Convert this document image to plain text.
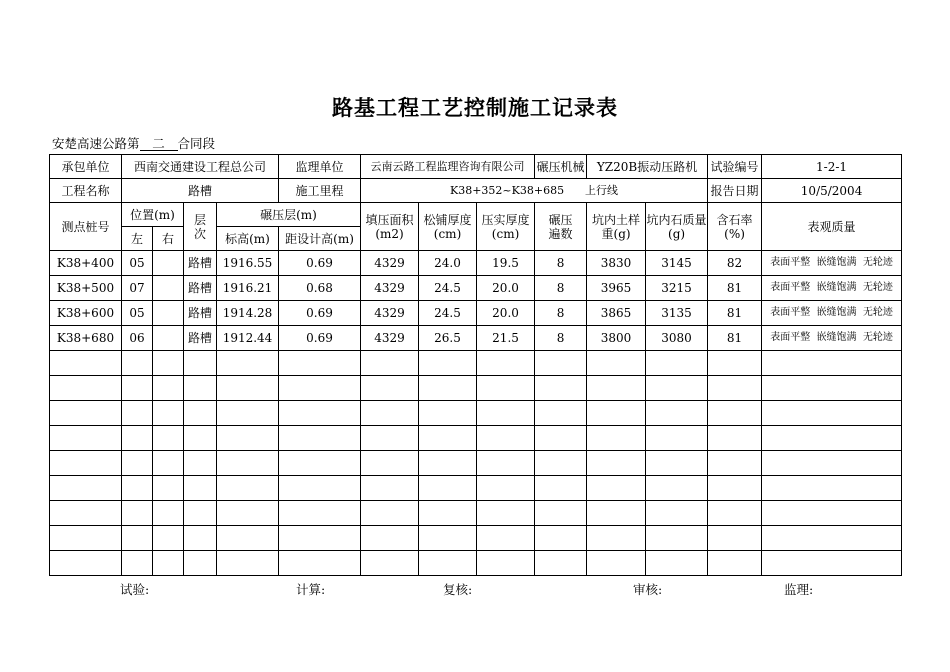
路基工程工艺控制施工记录表
安楚高速公路第 二 合同段
承包单位	西南交通建设工程总公司				监理单位	云南云路工程监理咨询有限公司			碾压机械	YZ20B振动压路机		试验编号	1-2-1
工程名称	路槽				施工里程	K38+352~K38+685      上行线						报告日期	10/5/2004
测点桩号	位置(m)		层次	碾压层(m)		填压面积(m2)	松铺厚度(cm)	压实厚度(cm)	碾压遍数	坑内土样重(g)	坑内石质量(g)	含石率(%)	表观质量
	左	右		标高(m)	距设计高(m)								
K38+400	05		路槽	1916.55	0.69	4329	24.0	19.5	8	3830	3145	82	表面平整  嵌缝饱满  无轮迹
K38+500	07		路槽	1916.21	0.68	4329	24.5	20.0	8	3965	3215	81	表面平整  嵌缝饱满  无轮迹
K38+600	05		路槽	1914.28	0.69	4329	24.5	20.0	8	3865	3135	81	表面平整  嵌缝饱满  无轮迹
K38+680	06		路槽	1912.44	0.69	4329	26.5	21.5	8	3800	3080	81	表面平整  嵌缝饱满  无轮迹

试验:	计算:	复核:	审核:	监理:
